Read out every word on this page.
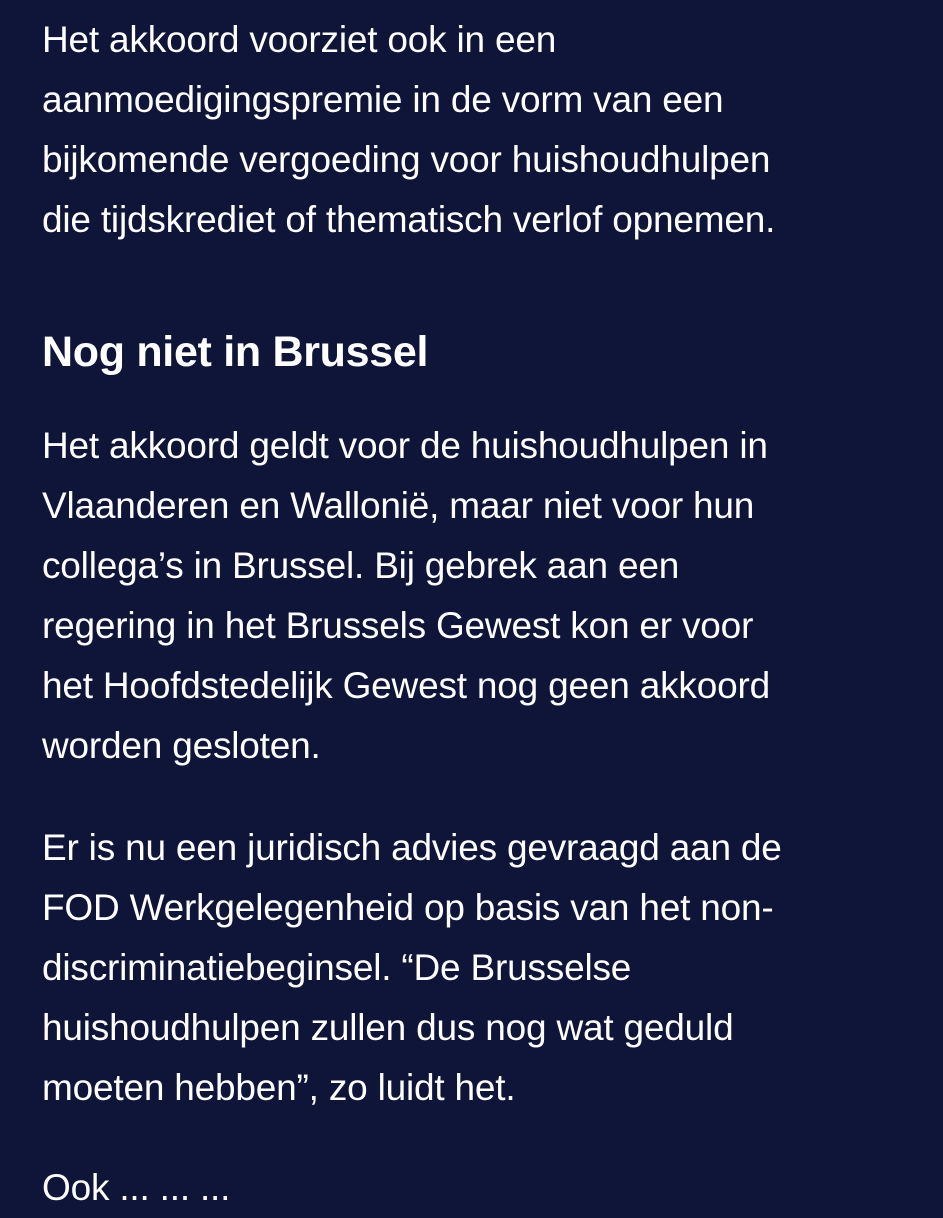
Het akkoord voorziet ook in een
aanmoedigingspremie in de vorm van een
bijkomende vergoeding voor huishoudhulpen
die tijdskrediet of thematisch verlof opnemen.

Nog niet in Brussel

Het akkoord geldt voor de huishoudhulpen in
Vlaanderen en Wallonië, maar niet voor hun
collega’s in Brussel. Bij gebrek aan een
regering in het Brussels Gewest kon er voor
het Hoofdstedelijk Gewest nog geen akkoord
worden gesloten.

Er is nu een juridisch advies gevraagd aan de
FOD Werkgelegenheid op basis van het non-
discriminatiebeginsel. “De Brusselse
huishoudhulpen zullen dus nog wat geduld
moeten hebben”, zo luidt het.

Ook ... ... ...
